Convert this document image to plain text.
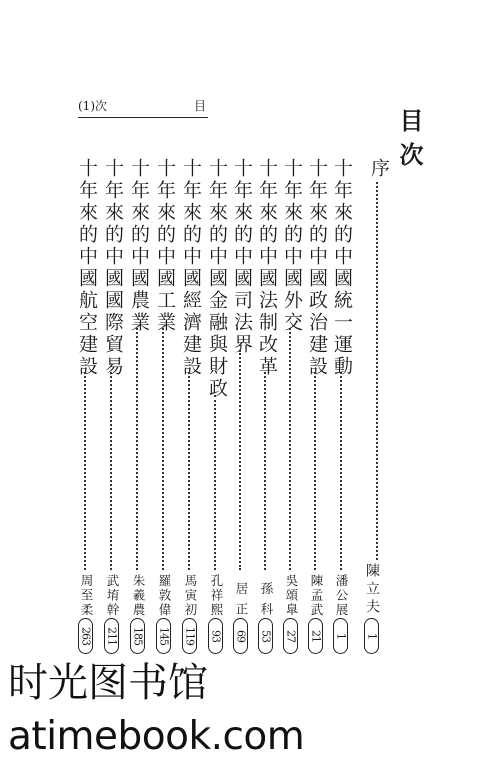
(1)次	目
目次
序
陳立夫
1
十年來的中國統一運動
潘公展
1
十年來的中國政治建設
陳孟武
21
十年來的中國外交
吳頌臯
27
十年來的中國法制改革
孫科
53
十年來的中國司法界
居正
69
十年來的中國金融與財政
孔祥熙
93
十年來的中國經濟建設
馬寅初
119
十年來的中國工業
羅敦偉
145
十年來的中國農業
朱羲農
185
十年來的中國國際貿易
武堉幹
211
十年來的中國航空建設
周至柔
263
时光图书馆
atimebook.com
